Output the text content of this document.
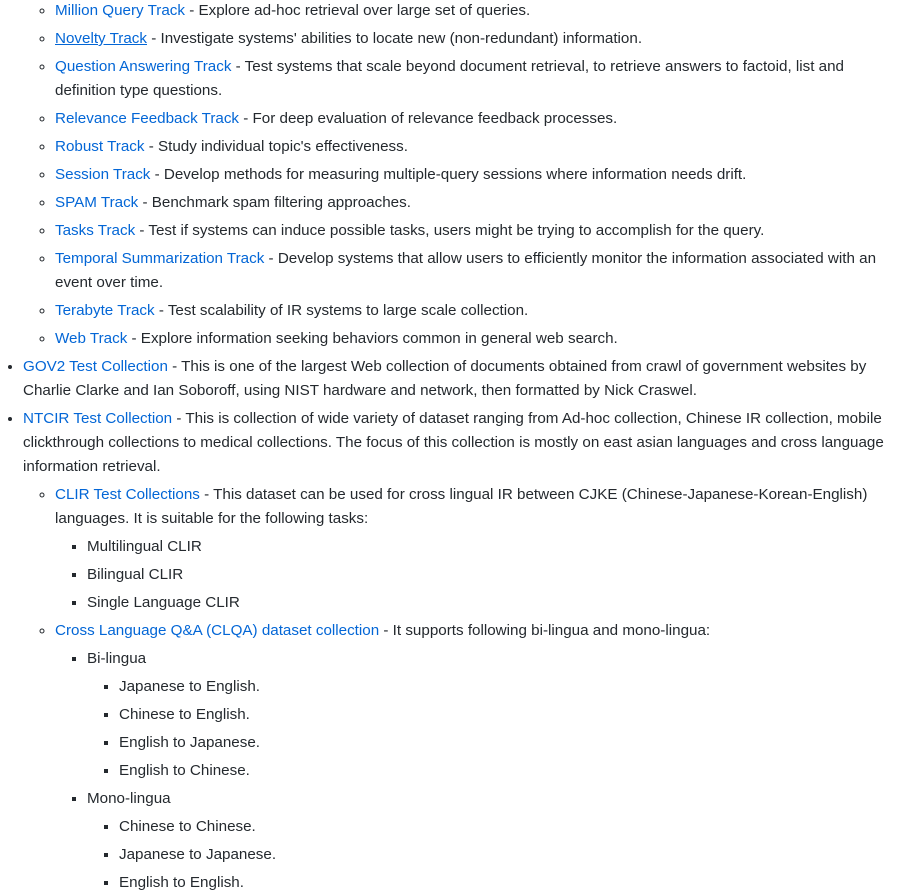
◦ Million Query Track - Explore ad-hoc retrieval over large set of queries.
◦ Novelty Track - Investigate systems' abilities to locate new (non-redundant) information.
◦ Question Answering Track - Test systems that scale beyond document retrieval, to retrieve answers to factoid, list and definition type questions.
◦ Relevance Feedback Track - For deep evaluation of relevance feedback processes.
◦ Robust Track - Study individual topic's effectiveness.
◦ Session Track - Develop methods for measuring multiple-query sessions where information needs drift.
◦ SPAM Track - Benchmark spam filtering approaches.
◦ Tasks Track - Test if systems can induce possible tasks, users might be trying to accomplish for the query.
◦ Temporal Summarization Track - Develop systems that allow users to efficiently monitor the information associated with an event over time.
◦ Terabyte Track - Test scalability of IR systems to large scale collection.
◦ Web Track - Explore information seeking behaviors common in general web search.
• GOV2 Test Collection - This is one of the largest Web collection of documents obtained from crawl of government websites by Charlie Clarke and Ian Soboroff, using NIST hardware and network, then formatted by Nick Craswel.
• NTCIR Test Collection - This is collection of wide variety of dataset ranging from Ad-hoc collection, Chinese IR collection, mobile clickthrough collections to medical collections. The focus of this collection is mostly on east asian languages and cross language information retrieval.
◦ CLIR Test Collections - This dataset can be used for cross lingual IR between CJKE (Chinese-Japanese-Korean-English) languages. It is suitable for the following tasks:
▪ Multilingual CLIR
▪ Bilingual CLIR
▪ Single Language CLIR
◦ Cross Language Q&A (CLQA) dataset collection - It supports following bi-lingua and mono-lingua:
▪ Bi-lingua
▪ Japanese to English.
▪ Chinese to English.
▪ English to Japanese.
▪ English to Chinese.
▪ Mono-lingua
▪ Chinese to Chinese.
▪ Japanese to Japanese.
▪ English to English.
